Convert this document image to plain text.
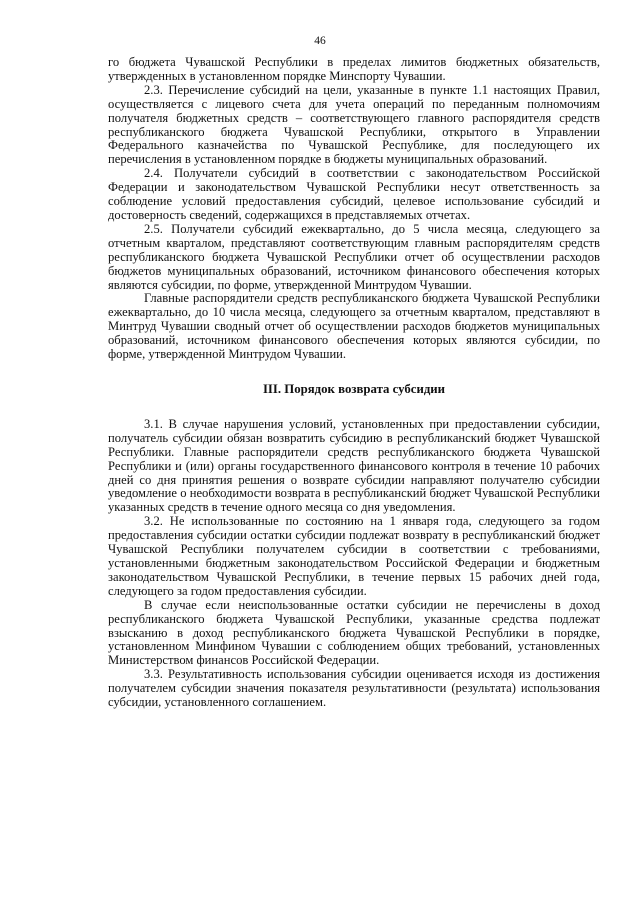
46

го бюджета Чувашской Республики в пределах лимитов бюджетных обязательств, утвержденных в установленном порядке Минспорту Чувашии.

2.3. Перечисление субсидий на цели, указанные в пункте 1.1 настоящих Правил, осуществляется с лицевого счета для учета операций по переданным полномочиям получателя бюджетных средств – соответствующего главного распорядителя средств республиканского бюджета Чувашской Республики, открытого в Управлении Федерального казначейства по Чувашской Республике, для последующего их перечисления в установленном порядке в бюджеты муниципальных образований.

2.4. Получатели субсидий в соответствии с законодательством Российской Федерации и законодательством Чувашской Республики несут ответственность за соблюдение условий предоставления субсидий, целевое использование субсидий и достоверность сведений, содержащихся в представляемых отчетах.

2.5. Получатели субсидий ежеквартально, до 5 числа месяца, следующего за отчетным кварталом, представляют соответствующим главным распорядителям средств республиканского бюджета Чувашской Республики отчет об осуществлении расходов бюджетов муниципальных образований, источником финансового обеспечения которых являются субсидии, по форме, утвержденной Минтрудом Чувашии.

Главные распорядители средств республиканского бюджета Чувашской Республики ежеквартально, до 10 числа месяца, следующего за отчетным кварталом, представляют в Минтруд Чувашии сводный отчет об осуществлении расходов бюджетов муниципальных образований, источником финансового обеспечения которых являются субсидии, по форме, утвержденной Минтрудом Чувашии.

III. Порядок возврата субсидии

3.1. В случае нарушения условий, установленных при предоставлении субсидии, получатель субсидии обязан возвратить субсидию в республиканский бюджет Чувашской Республики. Главные распорядители средств республиканского бюджета Чувашской Республики и (или) органы государственного финансового контроля в течение 10 рабочих дней со дня принятия решения о возврате субсидии направляют получателю субсидии уведомление о необходимости возврата в республиканский бюджет Чувашской Республики указанных средств в течение одного месяца со дня уведомления.

3.2. Не использованные по состоянию на 1 января года, следующего за годом предоставления субсидии остатки субсидии подлежат возврату в республиканский бюджет Чувашской Республики получателем субсидии в соответствии с требованиями, установленными бюджетным законодательством Российской Федерации и бюджетным законодательством Чувашской Республики, в течение первых 15 рабочих дней года, следующего за годом предоставления субсидии.

В случае если неиспользованные остатки субсидии не перечислены в доход республиканского бюджета Чувашской Республики, указанные средства подлежат взысканию в доход республиканского бюджета Чувашской Республики в порядке, установленном Минфином Чувашии с соблюдением общих требований, установленных Министерством финансов Российской Федерации.

3.3. Результативность использования субсидии оценивается исходя из достижения получателем субсидии значения показателя результативности (результата) использования субсидии, установленного соглашением.
